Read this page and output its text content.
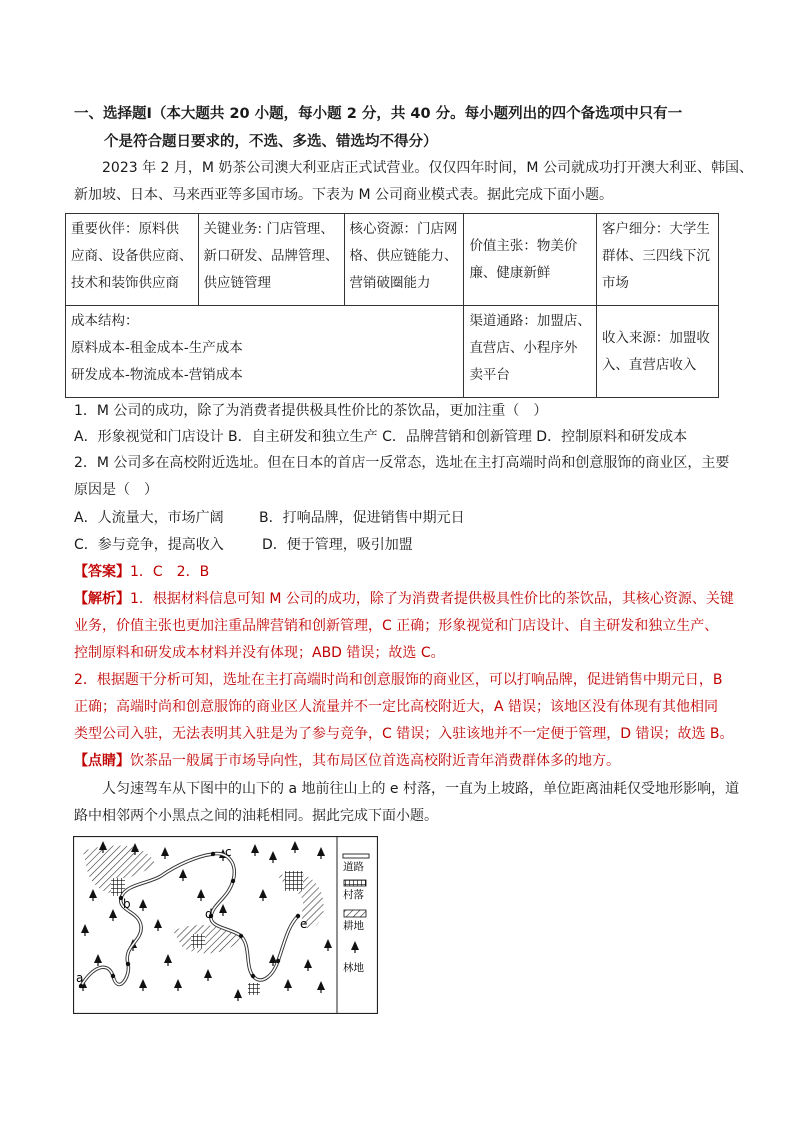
一、选择题Ⅰ（本大题共 20 小题，每小题 2 分，共 40 分。每小题列出的四个备选项中只有一
个是符合题日要求的，不选、多选、错选均不得分）
2023 年 2 月，M 奶茶公司澳大利亚店正式试营业。仅仅四年时间，M 公司就成功打开澳大利亚、韩国、
新加坡、日本、马来西亚等多国市场。下表为 M 公司商业模式表。据此完成下面小题。
重要伙伴：原料供
应商、设备供应商、
技术和装饰供应商	关键业务: 门店管理、
新口研发、品牌管理、
供应链管理	核心资源：门店网
格、供应链能力、
营销破圈能力	价值主张：物美价
廉、健康新鲜	客户细分：大学生
群体、三四线下沉
市场

成本结构：
原料成本-租金成本-生产成本
研发成本-物流成本-营销成本			渠道通路：加盟店、
直营店、小程序外
卖平台	收入来源：加盟收
入、直营店收入
1．M 公司的成功，除了为消费者提供极具性价比的茶饮品，更加注重（　）
A．形象视觉和门店设计 B．自主研发和独立生产 C．品牌营销和创新管理 D．控制原料和研发成本
2．M 公司多在高校附近选址。但在日本的首店一反常态，选址在主打高端时尚和创意服饰的商业区，主要
原因是（　）
A．人流量大，市场广阔	B．打响品牌，促进销售中期元日
C．参与竞争，提高收入	D．便于管理，吸引加盟
【答案】1．C　2．B
【解析】1．根据材料信息可知 M 公司的成功，除了为消费者提供极具性价比的茶饮品，其核心资源、关键
业务，价值主张也更加注重品牌营销和创新管理，C 正确；形象视觉和门店设计、自主研发和独立生产、
控制原料和研发成本材料并没有体现；ABD 错误；故选 C。
2．根据题干分析可知，选址在主打高端时尚和创意服饰的商业区，可以打响品牌，促进销售中期元日，B
正确；高端时尚和创意服饰的商业区人流量并不一定比高校附近大，A 错误；该地区没有体现有其他相同
类型公司入驻，无法表明其入驻是为了参与竞争，C 错误；入驻该地并不一定便于管理，D 错误；故选 B。
【点睛】饮茶品一般属于市场导向性，其布局区位首选高校附近青年消费群体多的地方。
人匀速驾车从下图中的山下的 a 地前往山上的 e 村落，一直为上坡路，单位距离油耗仅受地形影响，道
路中相邻两个小黑点之间的油耗相同。据此完成下面小题。
a
b
c
d
e
道路
村落
耕地
林地
